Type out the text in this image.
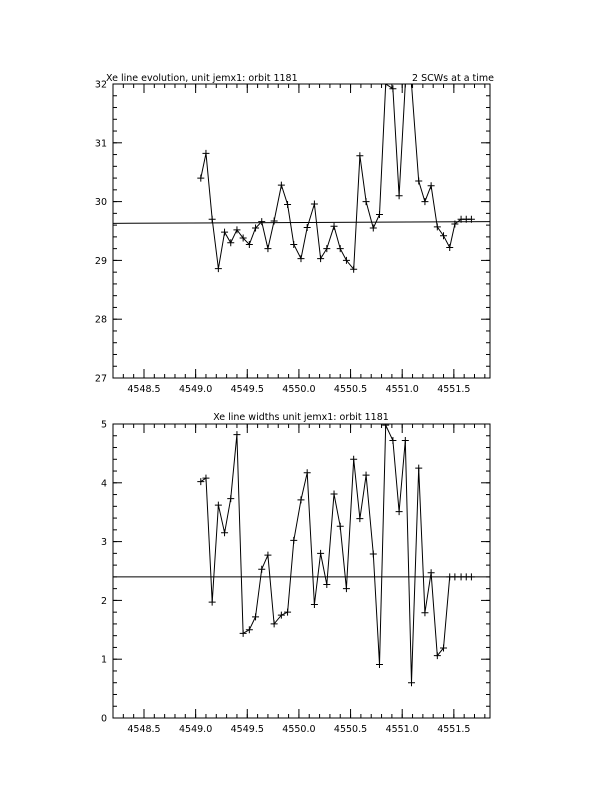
Xe line evolution, unit jemx1: orbit 1181	2 SCWs at a time
4548.5 4549.0 4549.5 4550.0 4550.5 4551.0 4551.5
27
28
29
30
31
32
Xe line widths unit jemx1: orbit 1181
4548.5 4549.0 4549.5 4550.0 4550.5 4551.0 4551.5
0
1
2
3
4
5
